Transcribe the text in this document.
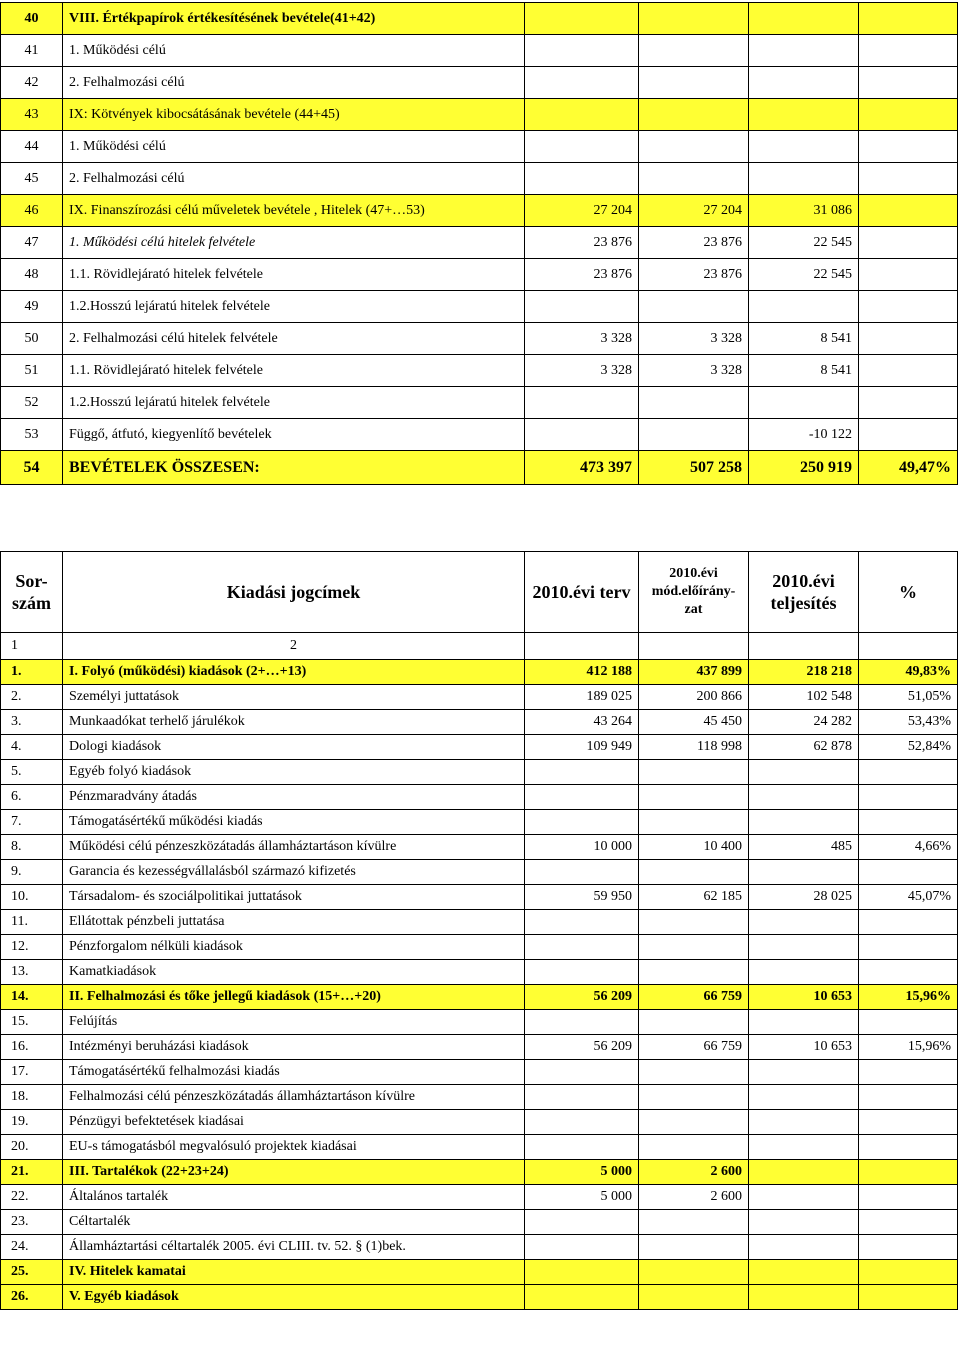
40	VIII. Értékpapírok értékesítésének bevétele(41+42)				
41	1. Működési célú				
42	2. Felhalmozási célú				
43	IX: Kötvények kibocsátásának bevétele (44+45)				
44	1. Működési célú				
45	2. Felhalmozási célú				
46	IX. Finanszírozási célú műveletek bevétele , Hitelek (47+…53)	27 204	27 204	31 086	
47	1. Működési célú hitelek felvétele	23 876	23 876	22 545	
48	1.1. Rövidlejárató hitelek felvétele	23 876	23 876	22 545	
49	1.2.Hosszú lejáratú hitelek felvétele				
50	2. Felhalmozási célú hitelek felvétele	3 328	3 328	8 541	
51	1.1. Rövidlejárató hitelek felvétele	3 328	3 328	8 541	
52	1.2.Hosszú lejáratú hitelek felvétele				
53	Függő, átfutó, kiegyenlítő bevételek			-10 122	
54	BEVÉTELEK ÖSSZESEN:	473 397	507 258	250 919	49,47%
Sor-szám	Kiadási jogcímek	2010.évi terv	2010.évi mód.előírány-zat	2010.évi teljesítés	%
1	2				
1.	I. Folyó (működési) kiadások (2+…+13)	412 188	437 899	218 218	49,83%
2.	Személyi juttatások	189 025	200 866	102 548	51,05%
3.	Munkaadókat terhelő járulékok	43 264	45 450	24 282	53,43%
4.	Dologi kiadások	109 949	118 998	62 878	52,84%
5.	Egyéb folyó kiadások				
6.	Pénzmaradvány átadás				
7.	Támogatásértékű működési kiadás				
8.	Működési célú pénzeszközátadás államháztartáson kívülre	10 000	10 400	485	4,66%
9.	Garancia és kezességvállalásból származó kifizetés				
10.	Társadalom- és szociálpolitikai juttatások	59 950	62 185	28 025	45,07%
11.	Ellátottak pénzbeli juttatása				
12.	Pénzforgalom nélküli kiadások				
13.	Kamatkiadások				
14.	II. Felhalmozási és tőke jellegű kiadások (15+…+20)	56 209	66 759	10 653	15,96%
15.	Felújítás				
16.	Intézményi beruházási kiadások	56 209	66 759	10 653	15,96%
17.	Támogatásértékű felhalmozási kiadás				
18.	Felhalmozási célú pénzeszközátadás államháztartáson kívülre				
19.	Pénzügyi befektetések kiadásai				
20.	EU-s támogatásból megvalósuló projektek kiadásai				
21.	III. Tartalékok (22+23+24)	5 000	2 600		
22.	Általános tartalék	5 000	2 600		
23.	Céltartalék				
24.	Államháztartási céltartalék 2005. évi CLIII. tv. 52. § (1)bek.				
25.	IV. Hitelek kamatai				
26.	V. Egyéb kiadások				
